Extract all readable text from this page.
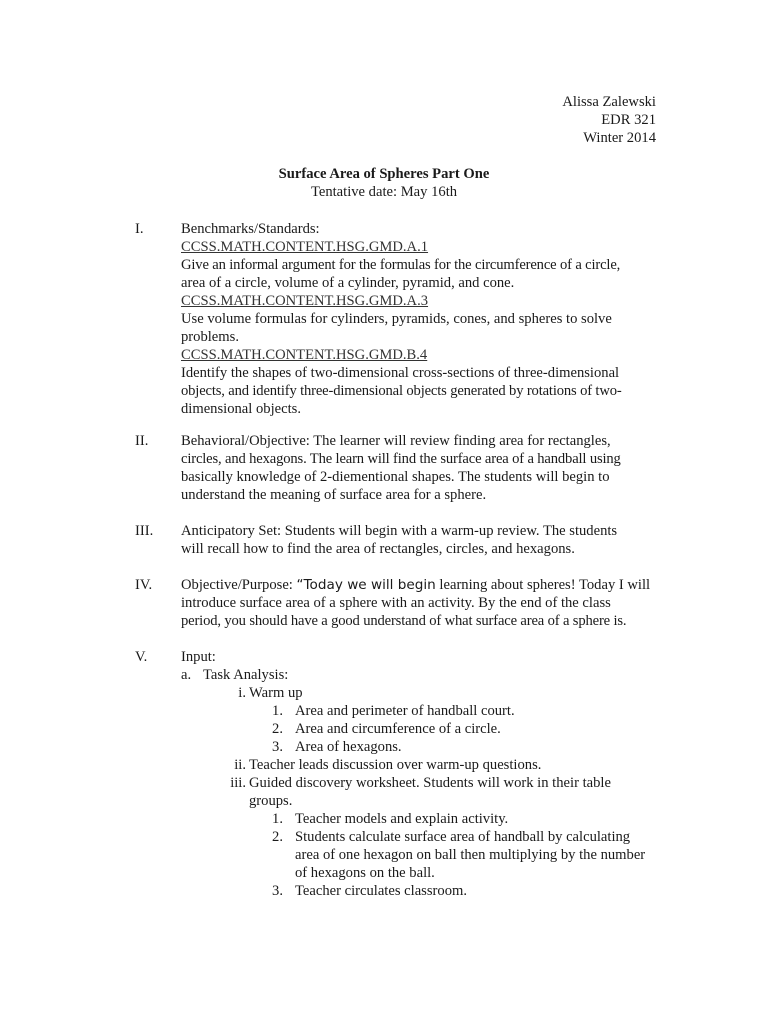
Alissa Zalewski
EDR 321
Winter 2014
Surface Area of Spheres Part One
Tentative date: May 16th
I.	Benchmarks/Standards:
CCSS.MATH.CONTENT.HSG.GMD.A.1
Give an informal argument for the formulas for the circumference of a circle,
area of a circle, volume of a cylinder, pyramid, and cone.
CCSS.MATH.CONTENT.HSG.GMD.A.3
Use volume formulas for cylinders, pyramids, cones, and spheres to solve
problems.
CCSS.MATH.CONTENT.HSG.GMD.B.4
Identify the shapes of two-dimensional cross-sections of three-dimensional
objects, and identify three-dimensional objects generated by rotations of two-
dimensional objects.
II.	Behavioral/Objective: The learner will review finding area for rectangles,
circles, and hexagons. The learn will find the surface area of a handball using
basically knowledge of 2-diementional shapes. The students will begin to
understand the meaning of surface area for a sphere.
III.	Anticipatory Set: Students will begin with a warm-up review. The students
will recall how to find the area of rectangles, circles, and hexagons.
IV.	Objective/Purpose: “Today we will begin learning about spheres! Today I will
introduce surface area of a sphere with an activity. By the end of the class
period, you should have a good understand of what surface area of a sphere is.
V.	Input:
a. Task Analysis:
i. Warm up
1. Area and perimeter of handball court.
2. Area and circumference of a circle.
3. Area of hexagons.
ii. Teacher leads discussion over warm-up questions.
iii. Guided discovery worksheet. Students will work in their table
groups.
1. Teacher models and explain activity.
2. Students calculate surface area of handball by calculating
area of one hexagon on ball then multiplying by the number
of hexagons on the ball.
3. Teacher circulates classroom.
